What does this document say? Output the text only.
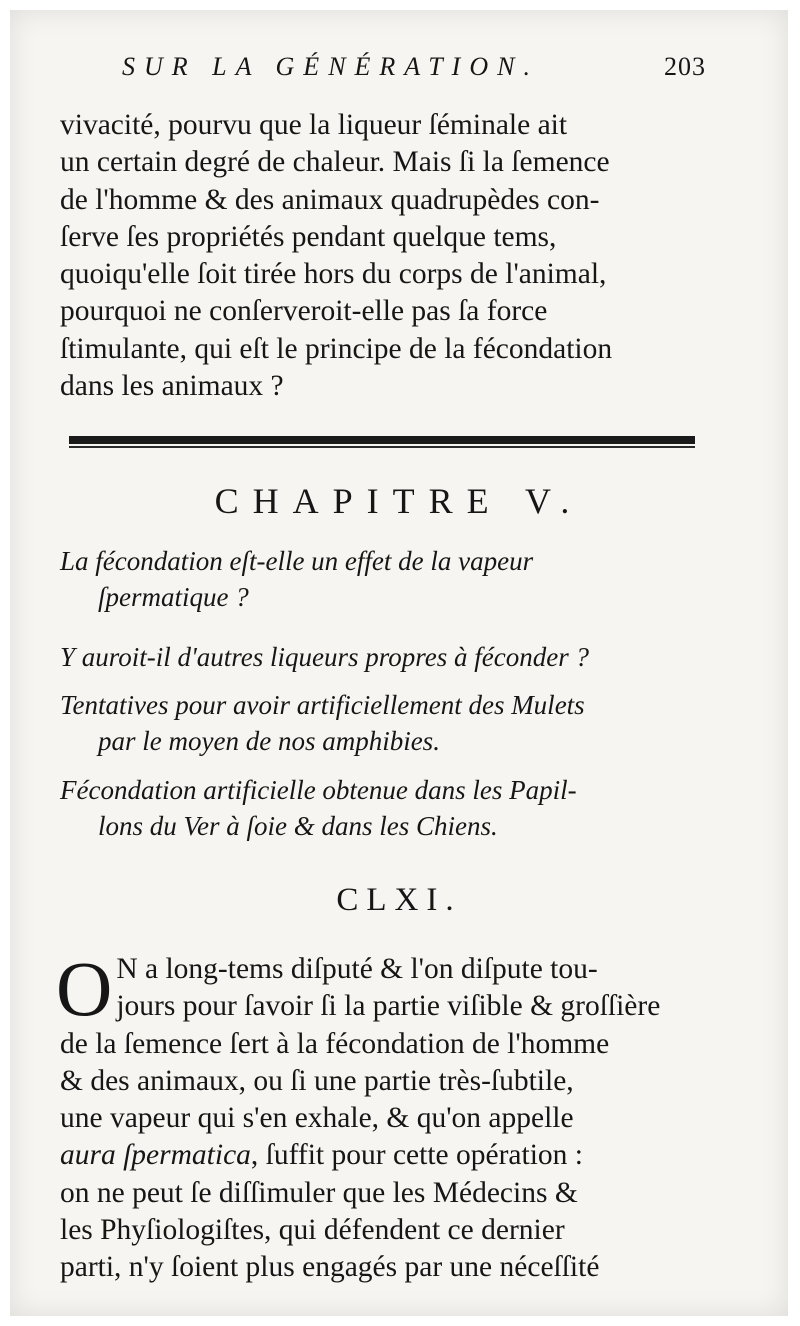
SUR LA GÉNÉRATION.	203

vivacité, pourvu que la liqueur ſéminale ait
un certain degré de chaleur. Mais ſi la ſemence
de l'homme & des animaux quadrupèdes con-
ſerve ſes propriétés pendant quelque tems,
quoiqu'elle ſoit tirée hors du corps de l'animal,
pourquoi ne conſerveroit-elle pas ſa force
ſtimulante, qui eſt le principe de la fécondation
dans les animaux ?

CHAPITRE V.
La fécondation eſt-elle un effet de la vapeur
ſpermatique ?
Y auroit-il d'autres liqueurs propres à féconder ?
Tentatives pour avoir artificiellement des Mulets
par le moyen de nos amphibies.
Fécondation artificielle obtenue dans les Papil-
lons du Ver à ſoie & dans les Chiens.
CLXI.
O N a long-tems diſputé & l'on diſpute tou-
jours pour ſavoir ſi la partie viſible & groſſière
de la ſemence ſert à la fécondation de l'homme
& des animaux, ou ſi une partie très-ſubtile,
une vapeur qui s'en exhale, & qu'on appelle
aura ſpermatica, ſuffit pour cette opération :
on ne peut ſe diſſimuler que les Médecins &
les Phyſiologiſtes, qui défendent ce dernier
parti, n'y ſoient plus engagés par une néceſſité
